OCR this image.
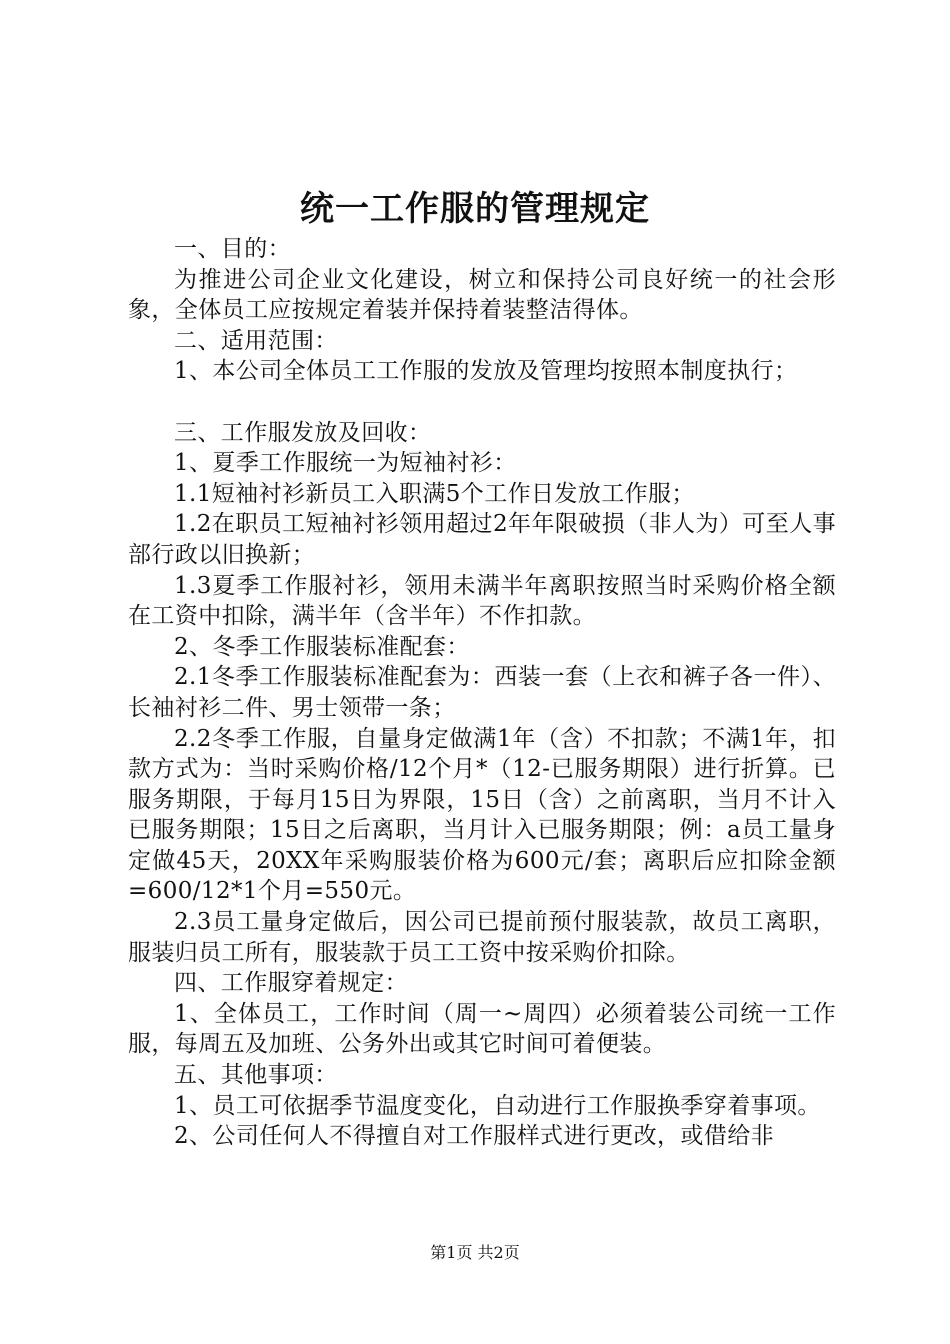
统一工作服的管理规定

一、目的：

为推进公司企业文化建设，树立和保持公司良好统一的社会形象，全体员工应按规定着装并保持着装整洁得体。

二、适用范围：

1、本公司全体员工工作服的发放及管理均按照本制度执行；

三、工作服发放及回收：

1、夏季工作服统一为短袖衬衫：

1.1短袖衬衫新员工入职满5个工作日发放工作服；

1.2在职员工短袖衬衫领用超过2年年限破损（非人为）可至人事部行政以旧换新；

1.3夏季工作服衬衫，领用未满半年离职按照当时采购价格全额在工资中扣除，满半年（含半年）不作扣款。

2、冬季工作服装标准配套：

2.1冬季工作服装标准配套为：西装一套（上衣和裤子各一件）、长袖衬衫二件、男士领带一条；

2.2冬季工作服，自量身定做满1年（含）不扣款；不满1年，扣款方式为：当时采购价格/12个月*（12-已服务期限）进行折算。已服务期限，于每月15日为界限，15日（含）之前离职，当月不计入已服务期限；15日之后离职，当月计入已服务期限；例：a员工量身定做45天，20XX年采购服装价格为600元/套；离职后应扣除金额=600/12*1个月=550元。

2.3员工量身定做后，因公司已提前预付服装款，故员工离职，服装归员工所有，服装款于员工工资中按采购价扣除。

四、工作服穿着规定：

1、全体员工，工作时间（周一~周四）必须着装公司统一工作服，每周五及加班、公务外出或其它时间可着便装。

五、其他事项：

1、员工可依据季节温度变化，自动进行工作服换季穿着事项。

2、公司任何人不得擅自对工作服样式进行更改，或借给非

第1页 共2页
